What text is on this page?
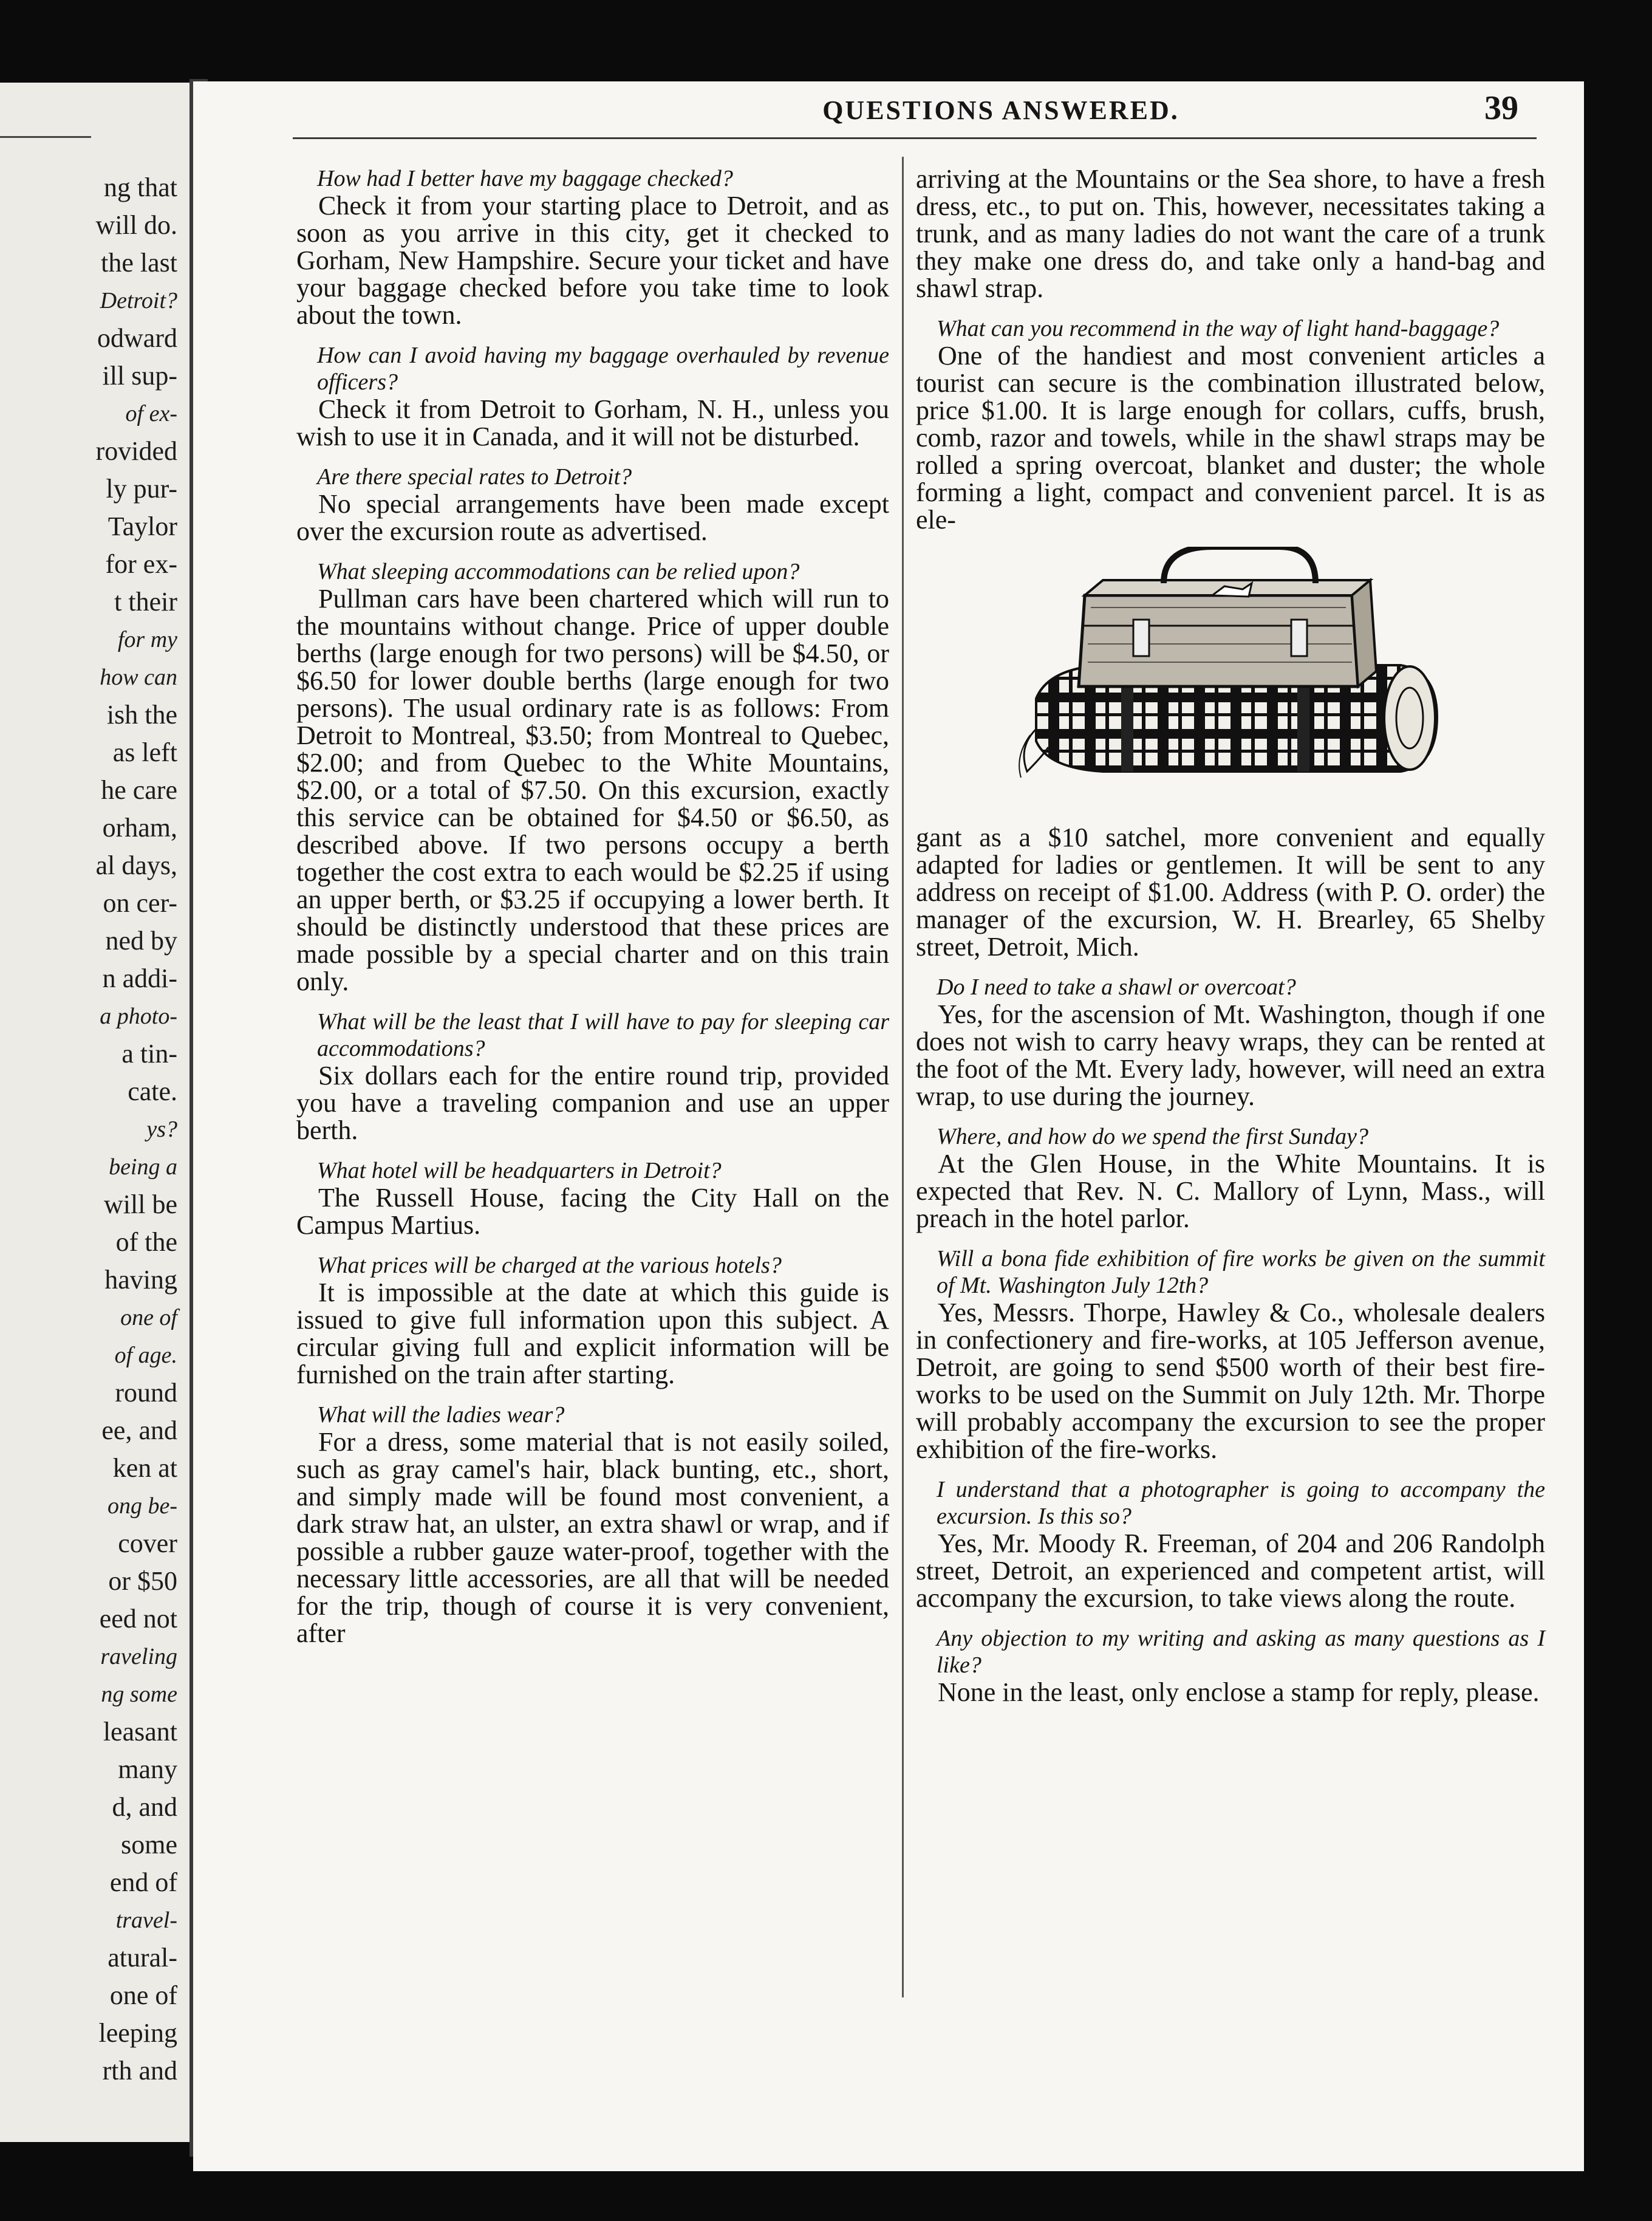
ng that
will do.
the last
Detroit?
odward
ill sup-
of ex-
rovided
ly pur-
Taylor
for ex-
t their
for my
how can
ish the
as left
he care
orham,
al days,
on cer-
ned by
n addi-
a photo-
a tin-
cate.
ys?
being a
will be
of the
having
one of
of age.
round
ee, and
ken at
ong be-
cover
or $50
eed not
raveling
ng some
leasant
many
d, and
some
end of
travel-
atural-
one of
leeping
rth and
QUESTIONS ANSWERED.	39

How had I better have my baggage checked?

Check it from your starting place to Detroit, and as soon as you arrive in this city, get it checked to Gorham, New Hampshire. Secure your ticket and have your baggage checked before you take time to look about the town.

How can I avoid having my baggage overhauled by revenue officers?

Check it from Detroit to Gorham, N. H., unless you wish to use it in Canada, and it will not be disturbed.

Are there special rates to Detroit?

No special arrangements have been made except over the excursion route as advertised.

What sleeping accommodations can be relied upon?

Pullman cars have been chartered which will run to the mountains without change. Price of upper double berths (large enough for two persons) will be $4.50, or $6.50 for lower double berths (large enough for two persons). The usual ordinary rate is as follows: From Detroit to Montreal, $3.50; from Montreal to Quebec, $2.00; and from Quebec to the White Mountains, $2.00, or a total of $7.50. On this excursion, exactly this service can be obtained for $4.50 or $6.50, as described above. If two persons occupy a berth together the cost extra to each would be $2.25 if using an upper berth, or $3.25 if occupying a lower berth. It should be distinctly understood that these prices are made possible by a special charter and on this train only.

What will be the least that I will have to pay for sleeping car accommodations?

Six dollars each for the entire round trip, provided you have a traveling companion and use an upper berth.

What hotel will be headquarters in Detroit?

The Russell House, facing the City Hall on the Campus Martius.

What prices will be charged at the various hotels?

It is impossible at the date at which this guide is issued to give full information upon this subject. A circular giving full and explicit information will be furnished on the train after starting.

What will the ladies wear?

For a dress, some material that is not easily soiled, such as gray camel's hair, black bunting, etc., short, and simply made will be found most convenient, a dark straw hat, an ulster, an extra shawl or wrap, and if possible a rubber gauze water-proof, together with the necessary little accessories, are all that will be needed for the trip, though of course it is very convenient, after

arriving at the Mountains or the Sea shore, to have a fresh dress, etc., to put on. This, however, necessitates taking a trunk, and as many ladies do not want the care of a trunk they make one dress do, and take only a hand-bag and shawl strap.

What can you recommend in the way of light hand-baggage?

One of the handiest and most convenient articles a tourist can secure is the combination illustrated below, price $1.00. It is large enough for collars, cuffs, brush, comb, razor and towels, while in the shawl straps may be rolled a spring overcoat, blanket and duster; the whole forming a light, compact and convenient parcel. It is as ele-

gant as a $10 satchel, more convenient and equally adapted for ladies or gentlemen. It will be sent to any address on receipt of $1.00. Address (with P. O. order) the manager of the excursion, W. H. Brearley, 65 Shelby street, Detroit, Mich.

Do I need to take a shawl or overcoat?

Yes, for the ascension of Mt. Washington, though if one does not wish to carry heavy wraps, they can be rented at the foot of the Mt. Every lady, however, will need an extra wrap, to use during the journey.

Where, and how do we spend the first Sunday?

At the Glen House, in the White Mountains. It is expected that Rev. N. C. Mallory of Lynn, Mass., will preach in the hotel parlor.

Will a bona fide exhibition of fire works be given on the summit of Mt. Washington July 12th?

Yes, Messrs. Thorpe, Hawley & Co., wholesale dealers in confectionery and fire-works, at 105 Jefferson avenue, Detroit, are going to send $500 worth of their best fire-works to be used on the Summit on July 12th. Mr. Thorpe will probably accompany the excursion to see the proper exhibition of the fire-works.

I understand that a photographer is going to accompany the excursion. Is this so?

Yes, Mr. Moody R. Freeman, of 204 and 206 Randolph street, Detroit, an experienced and competent artist, will accompany the excursion, to take views along the route.

Any objection to my writing and asking as many questions as I like?

None in the least, only enclose a stamp for reply, please.
